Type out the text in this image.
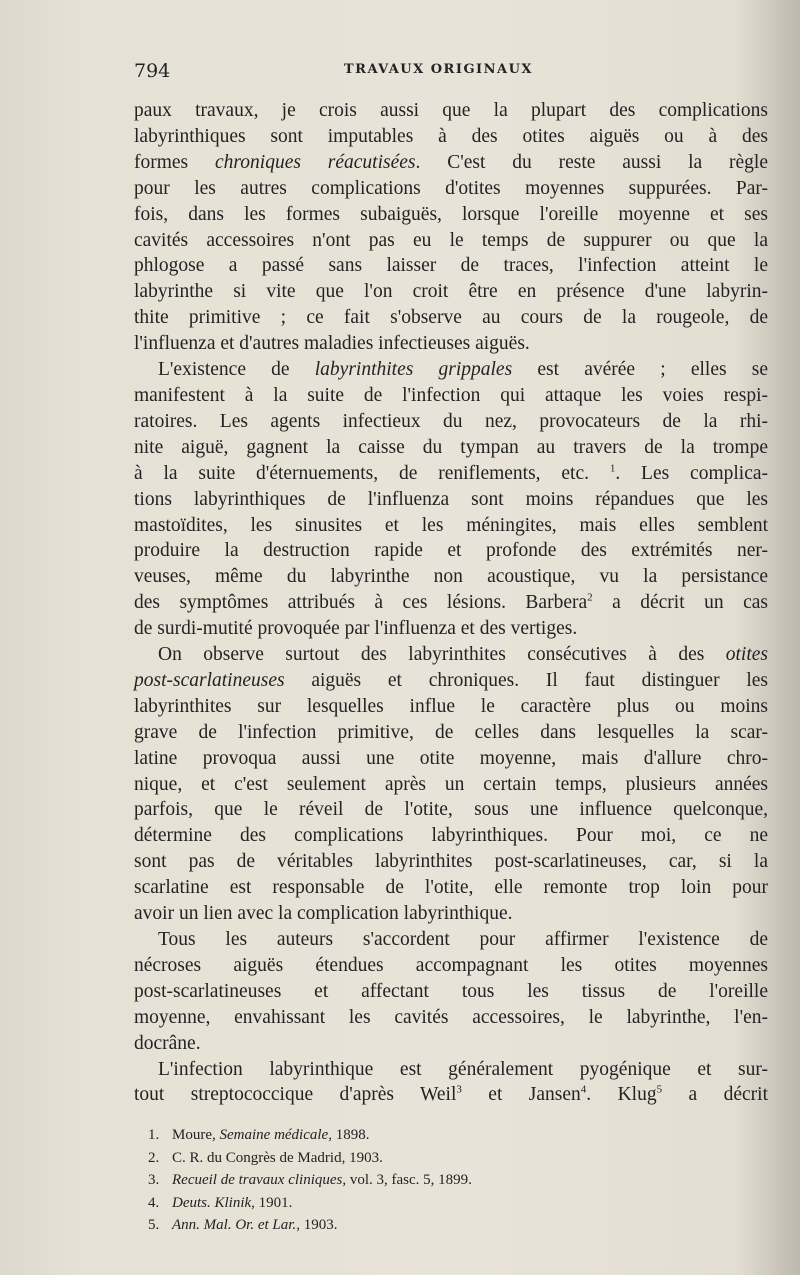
794	TRAVAUX ORIGINAUX
paux travaux, je crois aussi que la plupart des complications
labyrinthiques sont imputables à des otites aiguës ou à des
formes chroniques réacutisées. C'est du reste aussi la règle
pour les autres complications d'otites moyennes suppurées. Par-
fois, dans les formes subaiguës, lorsque l'oreille moyenne et ses
cavités accessoires n'ont pas eu le temps de suppurer ou que la
phlogose a passé sans laisser de traces, l'infection atteint le
labyrinthe si vite que l'on croit être en présence d'une labyrin-
thite primitive ; ce fait s'observe au cours de la rougeole, de
l'influenza et d'autres maladies infectieuses aiguës.
L'existence de labyrinthites grippales est avérée ; elles se
manifestent à la suite de l'infection qui attaque les voies respi-
ratoires. Les agents infectieux du nez, provocateurs de la rhi-
nite aiguë, gagnent la caisse du tympan au travers de la trompe
à la suite d'éternuements, de reniflements, etc. $^1$. Les complica-
tions labyrinthiques de l'influenza sont moins répandues que les
mastoïdites, les sinusites et les méningites, mais elles semblent
produire la destruction rapide et profonde des extrémités ner-
veuses, même du labyrinthe non acoustique, vu la persistance
des symptômes attribués à ces lésions. Barbera$^2$ a décrit un cas
de surdi-mutité provoquée par l'influenza et des vertiges.
On observe surtout des labyrinthites consécutives à des otites
post-scarlatineuses aiguës et chroniques. Il faut distinguer les
labyrinthites sur lesquelles influe le caractère plus ou moins
grave de l'infection primitive, de celles dans lesquelles la scar-
latine provoqua aussi une otite moyenne, mais d'allure chro-
nique, et c'est seulement après un certain temps, plusieurs années
parfois, que le réveil de l'otite, sous une influence quelconque,
détermine des complications labyrinthiques. Pour moi, ce ne
sont pas de véritables labyrinthites post-scarlatineuses, car, si la
scarlatine est responsable de l'otite, elle remonte trop loin pour
avoir un lien avec la complication labyrinthique.
Tous les auteurs s'accordent pour affirmer l'existence de
nécroses aiguës étendues accompagnant les otites moyennes
post-scarlatineuses et affectant tous les tissus de l'oreille
moyenne, envahissant les cavités accessoires, le labyrinthe, l'en-
docrâne.
L'infection labyrinthique est généralement pyogénique et sur-
tout streptococcique d'après Weil$^3$ et Jansen$^4$. Klug$^5$ a décrit
1. Moure, Semaine médicale, 1898.
2. C. R. du Congrès de Madrid, 1903.
3. Recueil de travaux cliniques, vol. 3, fasc. 5, 1899.
4. Deuts. Klinik, 1901.
5. Ann. Mal. Or. et Lar., 1903.
